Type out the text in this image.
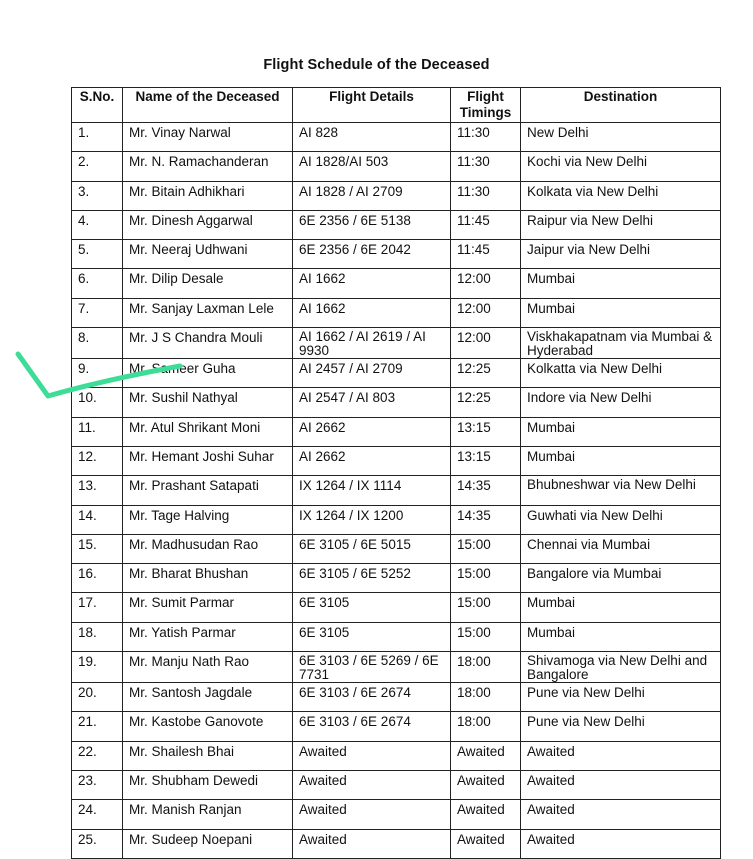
Flight Schedule of the Deceased
S.No.	Name of the Deceased	Flight Details	Flight Timings	Destination
1.	Mr. Vinay Narwal	AI 828	11:30	New Delhi
2.	Mr. N. Ramachanderan	AI 1828/AI 503	11:30	Kochi via New Delhi
3.	Mr. Bitain Adhikhari	AI 1828 / AI 2709	11:30	Kolkata via New Delhi
4.	Mr. Dinesh Aggarwal	6E 2356 / 6E 5138	11:45	Raipur via New Delhi
5.	Mr. Neeraj Udhwani	6E 2356 / 6E 2042	11:45	Jaipur via New Delhi
6.	Mr. Dilip Desale	AI 1662	12:00	Mumbai
7.	Mr. Sanjay Laxman Lele	AI 1662	12:00	Mumbai
8.	Mr. J S Chandra Mouli	AI 1662 / AI 2619 / AI 9930	12:00	Viskhakapatnam via Mumbai & Hyderabad
9.	Mr. Sameer Guha	AI 2457 / AI 2709	12:25	Kolkatta via New Delhi
10.	Mr. Sushil Nathyal	AI 2547 / AI 803	12:25	Indore via New Delhi
11.	Mr. Atul Shrikant Moni	AI 2662	13:15	Mumbai
12.	Mr. Hemant Joshi Suhar	AI 2662	13:15	Mumbai
13.	Mr. Prashant Satapati	IX 1264 / IX 1114	14:35	Bhubneshwar via New Delhi
14.	Mr. Tage Halving	IX 1264 / IX 1200	14:35	Guwhati via New Delhi
15.	Mr. Madhusudan Rao	6E 3105 / 6E 5015	15:00	Chennai via Mumbai
16.	Mr. Bharat Bhushan	6E 3105 / 6E 5252	15:00	Bangalore via Mumbai
17.	Mr. Sumit Parmar	6E 3105	15:00	Mumbai
18.	Mr. Yatish Parmar	6E 3105	15:00	Mumbai
19.	Mr. Manju Nath Rao	6E 3103 / 6E 5269 / 6E 7731	18:00	Shivamoga via New Delhi and Bangalore
20.	Mr. Santosh Jagdale	6E 3103 / 6E 2674	18:00	Pune via New Delhi
21.	Mr. Kastobe Ganovote	6E 3103 / 6E 2674	18:00	Pune via New Delhi
22.	Mr. Shailesh Bhai	Awaited	Awaited	Awaited
23.	Mr. Shubham Dewedi	Awaited	Awaited	Awaited
24.	Mr. Manish Ranjan	Awaited	Awaited	Awaited
25.	Mr. Sudeep Noepani	Awaited	Awaited	Awaited
